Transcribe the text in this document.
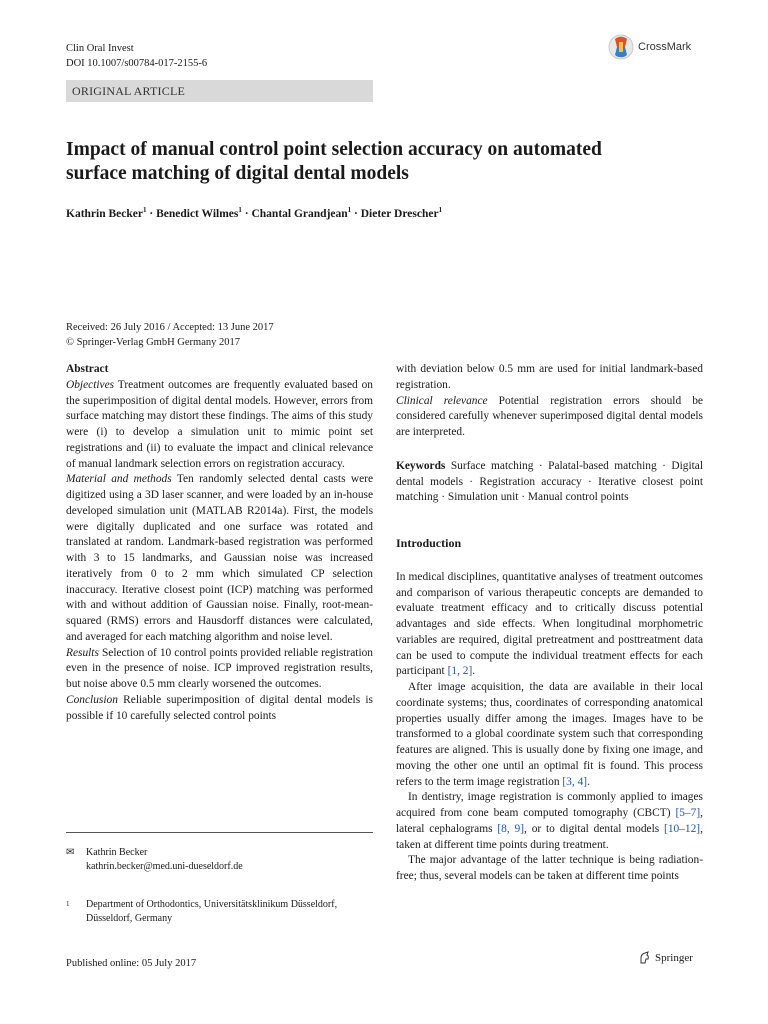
Clin Oral Invest
DOI 10.1007/s00784-017-2155-6
CrossMark
ORIGINAL ARTICLE
Impact of manual control point selection accuracy on automated
surface matching of digital dental models
Kathrin Becker$^1$ · Benedict Wilmes$^1$ · Chantal Grandjean$^1$ · Dieter Drescher$^1$
Received: 26 July 2016 / Accepted: 13 June 2017
© Springer-Verlag GmbH Germany 2017

Abstract

Objectives Treatment outcomes are frequently evaluated based on the superimposition of digital dental models. However, errors from surface matching may distort these findings. The aims of this study were (i) to develop a simulation unit to mimic point set registrations and (ii) to evaluate the impact and clinical relevance of manual landmark selection errors on registration accuracy.

Material and methods Ten randomly selected dental casts were digitized using a 3D laser scanner, and were loaded by an in-house developed simulation unit (MATLAB R2014a). First, the models were digitally duplicated and one surface was rotated and translated at random. Landmark-based registration was performed with 3 to 15 landmarks, and Gaussian noise was increased iteratively from 0 to 2 mm which simulated CP selection inaccuracy. Iterative closest point (ICP) matching was performed with and without addition of Gaussian noise. Finally, root-mean-squared (RMS) errors and Hausdorff distances were calculated, and averaged for each matching algorithm and noise level.

Results Selection of 10 control points provided reliable registration even in the presence of noise. ICP improved registration results, but noise above 0.5 mm clearly worsened the outcomes.

Conclusion Reliable superimposition of digital dental models is possible if 10 carefully selected control points

✉	Kathrin Becker
kathrin.becker@med.uni-dueseldorf.de
1	Department of Orthodontics, Universitätsklinikum Düsseldorf,
Düsseldorf, Germany

with deviation below 0.5 mm are used for initial landmark-based registration.

Clinical relevance Potential registration errors should be considered carefully whenever superimposed digital dental models are interpreted.

Keywords Surface matching · Palatal-based matching · Digital dental models · Registration accuracy · Iterative closest point matching · Simulation unit · Manual control points

Introduction

In medical disciplines, quantitative analyses of treatment outcomes and comparison of various therapeutic concepts are demanded to evaluate treatment efficacy and to critically discuss potential advantages and side effects. When longitudinal morphometric variables are required, digital pretreatment and posttreatment data can be used to compute the individual treatment effects for each participant [1, 2].

After image acquisition, the data are available in their local coordinate systems; thus, coordinates of corresponding anatomical properties usually differ among the images. Images have to be transformed to a global coordinate system such that corresponding features are aligned. This is usually done by fixing one image, and moving the other one until an optimal fit is found. This process refers to the term image registration [3, 4].

In dentistry, image registration is commonly applied to images acquired from cone beam computed tomography (CBCT) [5–7], lateral cephalograms [8, 9], or to digital dental models [10–12], taken at different time points during treatment.

The major advantage of the latter technique is being radiation-free; thus, several models can be taken at different time points

Published online: 05 July 2017	Springer
